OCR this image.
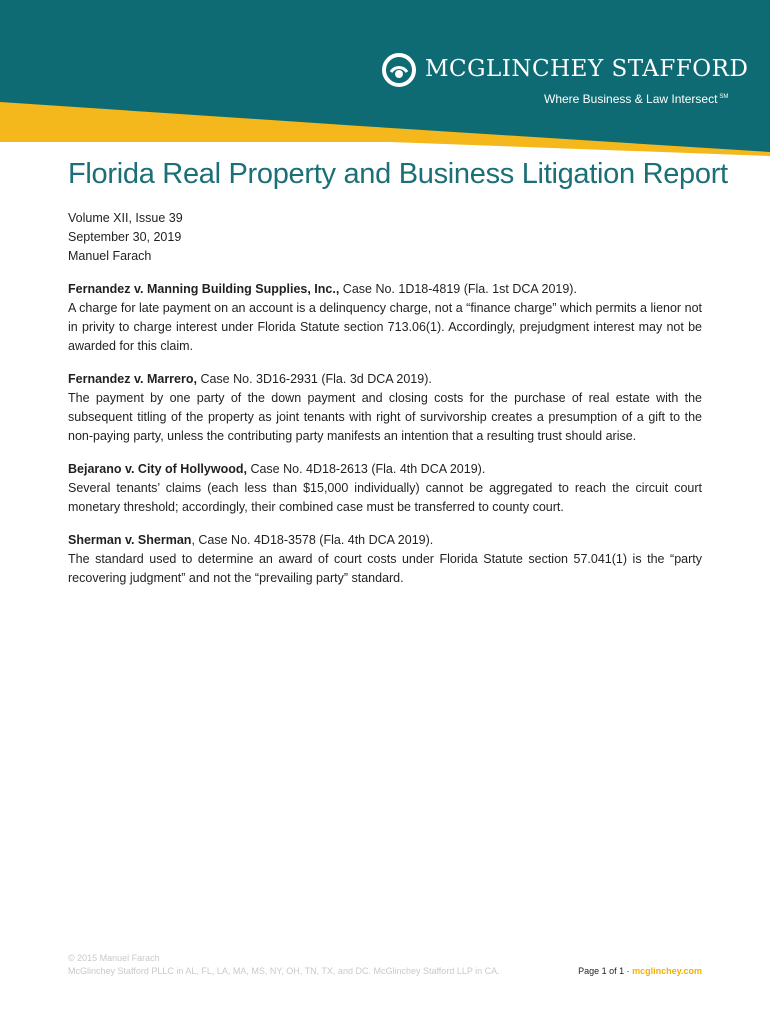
MCGLINCHEY STAFFORD
Where Business & Law Intersect ℠
Florida Real Property and Business Litigation Report
Volume XII, Issue 39
September 30, 2019
Manuel Farach
Fernandez v. Manning Building Supplies, Inc., Case No. 1D18-4819 (Fla. 1st DCA 2019).
A charge for late payment on an account is a delinquency charge, not a “finance charge” which permits a lienor not in privity to charge interest under Florida Statute section 713.06(1). Accordingly, prejudgment interest may not be awarded for this claim.
Fernandez v. Marrero, Case No. 3D16-2931 (Fla. 3d DCA 2019).
The payment by one party of the down payment and closing costs for the purchase of real estate with the subsequent titling of the property as joint tenants with right of survivorship creates a presumption of a gift to the non-paying party, unless the contributing party manifests an intention that a resulting trust should arise.
Bejarano v. City of Hollywood, Case No. 4D18-2613 (Fla. 4th DCA 2019).
Several tenants’ claims (each less than $15,000 individually) cannot be aggregated to reach the circuit court monetary threshold; accordingly, their combined case must be transferred to county court.
Sherman v. Sherman, Case No. 4D18-3578 (Fla. 4th DCA 2019).
The standard used to determine an award of court costs under Florida Statute section 57.041(1) is the “party recovering judgment” and not the “prevailing party” standard.
© 2015 Manuel Farach
McGlinchey Stafford PLLC in AL, FL, LA, MA, MS, NY, OH, TN, TX, and DC. McGlinchey Stafford LLP in CA.	Page 1 of 1 · mcglinchey.com
